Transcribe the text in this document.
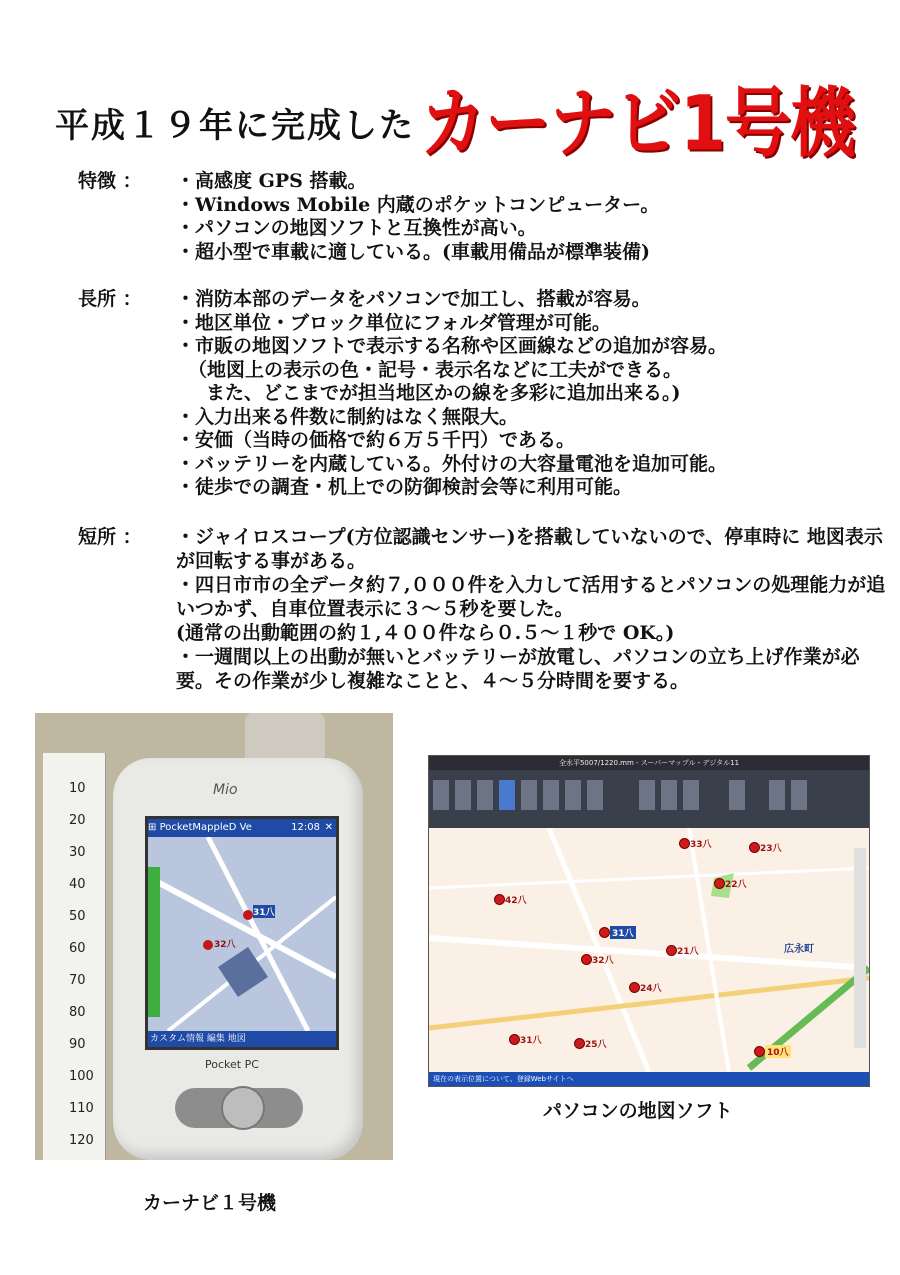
平成１９年に完成した カーナビ1号機
特徴 ：	・高感度 GPS 搭載。
・Windows Mobile 内蔵のポケットコンピューター。
・パソコンの地図ソフトと互換性が高い。
・超小型で車載に適している。(車載用備品が標準装備)
長所 ：	・消防本部のデータをパソコンで加工し、搭載が容易。
・地区単位・ブロック単位にフォルダ管理が可能。
・市販の地図ソフトで表示する名称や区画線などの追加が容易。
（地図上の表示の色・記号・表示名などに工夫ができる。
また、どこまでが担当地区かの線を多彩に追加出来る。)
・入力出来る件数に制約はなく無限大。
・安価（当時の価格で約６万５千円）である。
・バッテリーを内蔵している。外付けの大容量電池を追加可能。
・徒歩での調査・机上での防御検討会等に利用可能。
短所 ：	・ジャイロスコープ(方位認識センサー)を搭載していないので、停車時に 地図表示が回転する事がある。
・四日市市の全データ約７,０００件を入力して活用するとパソコンの処理能力が追いつかず、自車位置表示に３～５秒を要した。
(通常の出動範囲の約１,４００件なら０.５～１秒で OK。)
・一週間以上の出動が無いとバッテリーが放電し、パソコンの立ち上げ作業が必要。その作業が少し複雑なことと、４～５分時間を要する。
10
20
30
40
50
60
70
80
90
100
110
120
Mio
⊞ PocketMappleD Ve	12:08 ✕
31八
32八
カスタム情報 編集 地図
Pocket PC
全水平5007/1220.mm - スーパーマップル・デジタル11
33八	23八
42八
22八
31八
32八
21八
24八
31八	25八
10八
広永町
現在の表示位置について、登録Webサイトへ
パソコンの地図ソフト
カーナビ１号機
